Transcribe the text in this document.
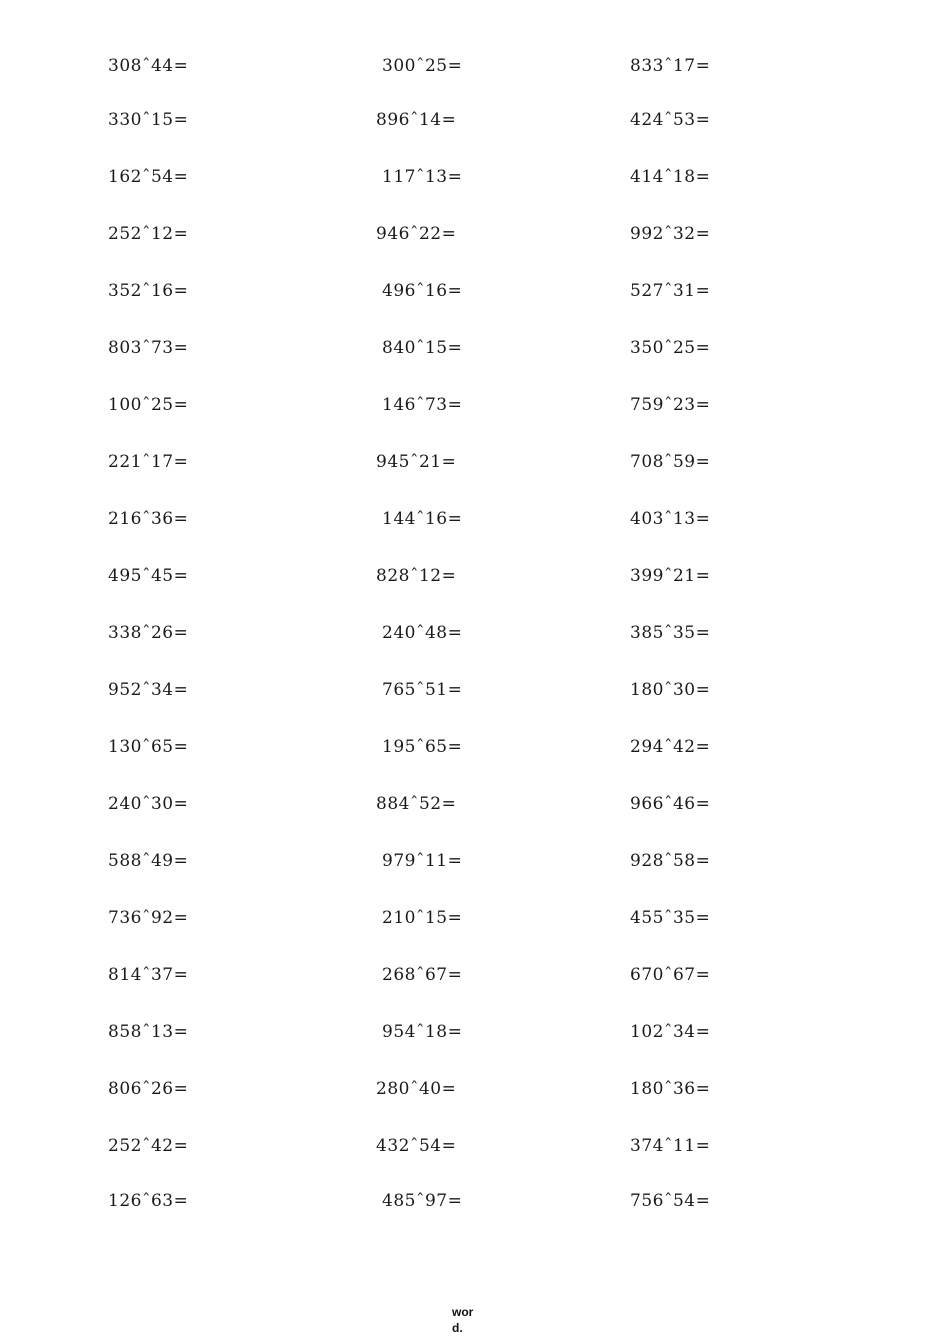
308ˆ44=	300ˆ25=	833ˆ17=
330ˆ15=	896ˆ14=	424ˆ53=
162ˆ54=	117ˆ13=	414ˆ18=
252ˆ12=	946ˆ22=	992ˆ32=
352ˆ16=	496ˆ16=	527ˆ31=
803ˆ73=	840ˆ15=	350ˆ25=
100ˆ25=	146ˆ73=	759ˆ23=
221ˆ17=	945ˆ21=	708ˆ59=
216ˆ36=	144ˆ16=	403ˆ13=
495ˆ45=	828ˆ12=	399ˆ21=
338ˆ26=	240ˆ48=	385ˆ35=
952ˆ34=	765ˆ51=	180ˆ30=
130ˆ65=	195ˆ65=	294ˆ42=
240ˆ30=	884ˆ52=	966ˆ46=
588ˆ49=	979ˆ11=	928ˆ58=
736ˆ92=	210ˆ15=	455ˆ35=
814ˆ37=	268ˆ67=	670ˆ67=
858ˆ13=	954ˆ18=	102ˆ34=
806ˆ26=	280ˆ40=	180ˆ36=
252ˆ42=	432ˆ54=	374ˆ11=
126ˆ63=	485ˆ97=	756ˆ54=
wor
d.
